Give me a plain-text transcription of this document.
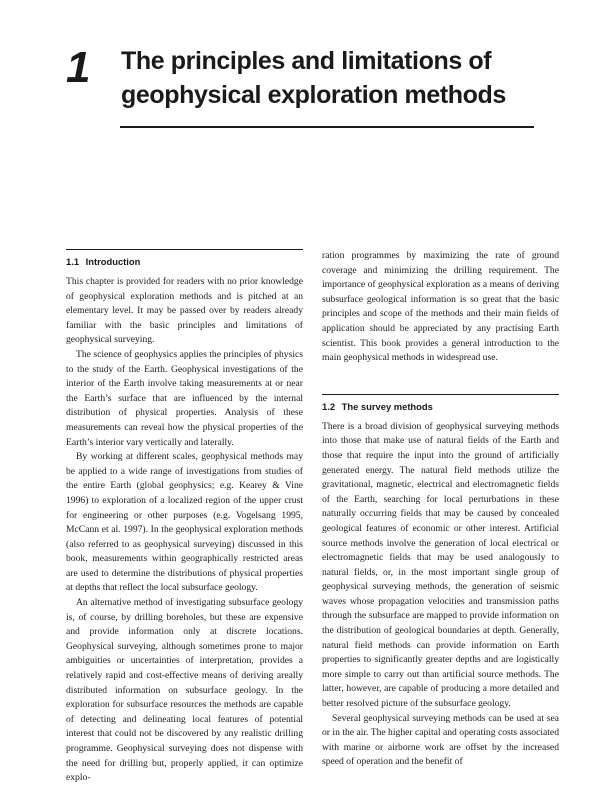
1 The principles and limitations of
geophysical exploration methods
1.1 Introduction

This chapter is provided for readers with no prior knowledge of geophysical exploration methods and is pitched at an elementary level. It may be passed over by readers already familiar with the basic principles and limitations of geophysical surveying.

The science of geophysics applies the principles of physics to the study of the Earth. Geophysical investigations of the interior of the Earth involve taking measurements at or near the Earth’s surface that are influenced by the internal distribution of physical properties. Analysis of these measurements can reveal how the physical properties of the Earth’s interior vary vertically and laterally.

By working at different scales, geophysical methods may be applied to a wide range of investigations from studies of the entire Earth (global geophysics; e.g. Kearey & Vine 1996) to exploration of a localized region of the upper crust for engineering or other purposes (e.g. Vogelsang 1995, McCann et al. 1997). In the geophysical exploration methods (also referred to as geophysical surveying) discussed in this book, measurements within geographically restricted areas are used to determine the distributions of physical properties at depths that reflect the local subsurface geology.

An alternative method of investigating subsurface geology is, of course, by drilling boreholes, but these are expensive and provide information only at discrete locations. Geophysical surveying, although sometimes prone to major ambiguities or uncertainties of interpretation, provides a relatively rapid and cost-effective means of deriving areally distributed information on subsurface geology. In the exploration for subsurface resources the methods are capable of detecting and delineating local features of potential interest that could not be discovered by any realistic drilling programme. Geophysical surveying does not dispense with the need for drilling but, properly applied, it can optimize explo-

ration programmes by maximizing the rate of ground coverage and minimizing the drilling requirement. The importance of geophysical exploration as a means of deriving subsurface geological information is so great that the basic principles and scope of the methods and their main fields of application should be appreciated by any practising Earth scientist. This book provides a general introduction to the main geophysical methods in widespread use.

1.2 The survey methods

There is a broad division of geophysical surveying methods into those that make use of natural fields of the Earth and those that require the input into the ground of artificially generated energy. The natural field methods utilize the gravitational, magnetic, electrical and electromagnetic fields of the Earth, searching for local perturbations in these naturally occurring fields that may be caused by concealed geological features of economic or other interest. Artificial source methods involve the generation of local electrical or electromagnetic fields that may be used analogously to natural fields, or, in the most important single group of geophysical surveying methods, the generation of seismic waves whose propagation velocities and transmission paths through the subsurface are mapped to provide information on the distribution of geological boundaries at depth. Generally, natural field methods can provide information on Earth properties to significantly greater depths and are logistically more simple to carry out than artificial source methods. The latter, however, are capable of producing a more detailed and better resolved picture of the subsurface geology.

Several geophysical surveying methods can be used at sea or in the air. The higher capital and operating costs associated with marine or airborne work are offset by the increased speed of operation and the benefit of
